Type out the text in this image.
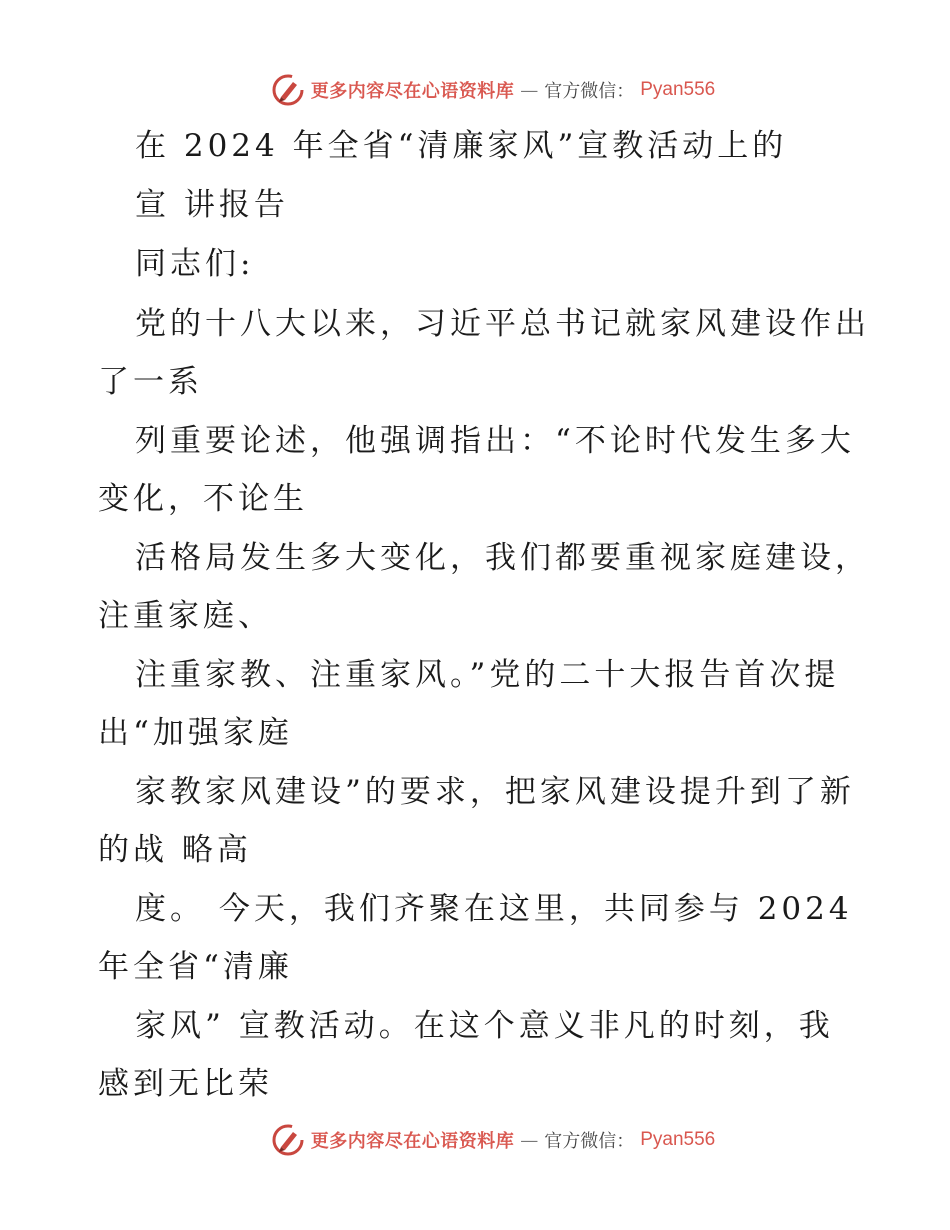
更多内容尽在心语资料库 — 官方微信： Pyan556
在 2024 年全省“清廉家风”宣教活动上的
宣 讲报告
同志们:
党的十八大以来，习近平总书记就家风建设作出
了一系
列重要论述，他强调指出：“不论时代发生多大
变化，不论生
活格局发生多大变化，我们都要重视家庭建设，
注重家庭、
注重家教、注重家风。”党的二十大报告首次提
出“加强家庭
家教家风建设”的要求，把家风建设提升到了新
的战 略高
度。 今天，我们齐聚在这里，共同参与 2024
年全省“清廉
家风” 宣教活动。在这个意义非凡的时刻，我
感到无比荣
更多内容尽在心语资料库 — 官方微信： Pyan556
